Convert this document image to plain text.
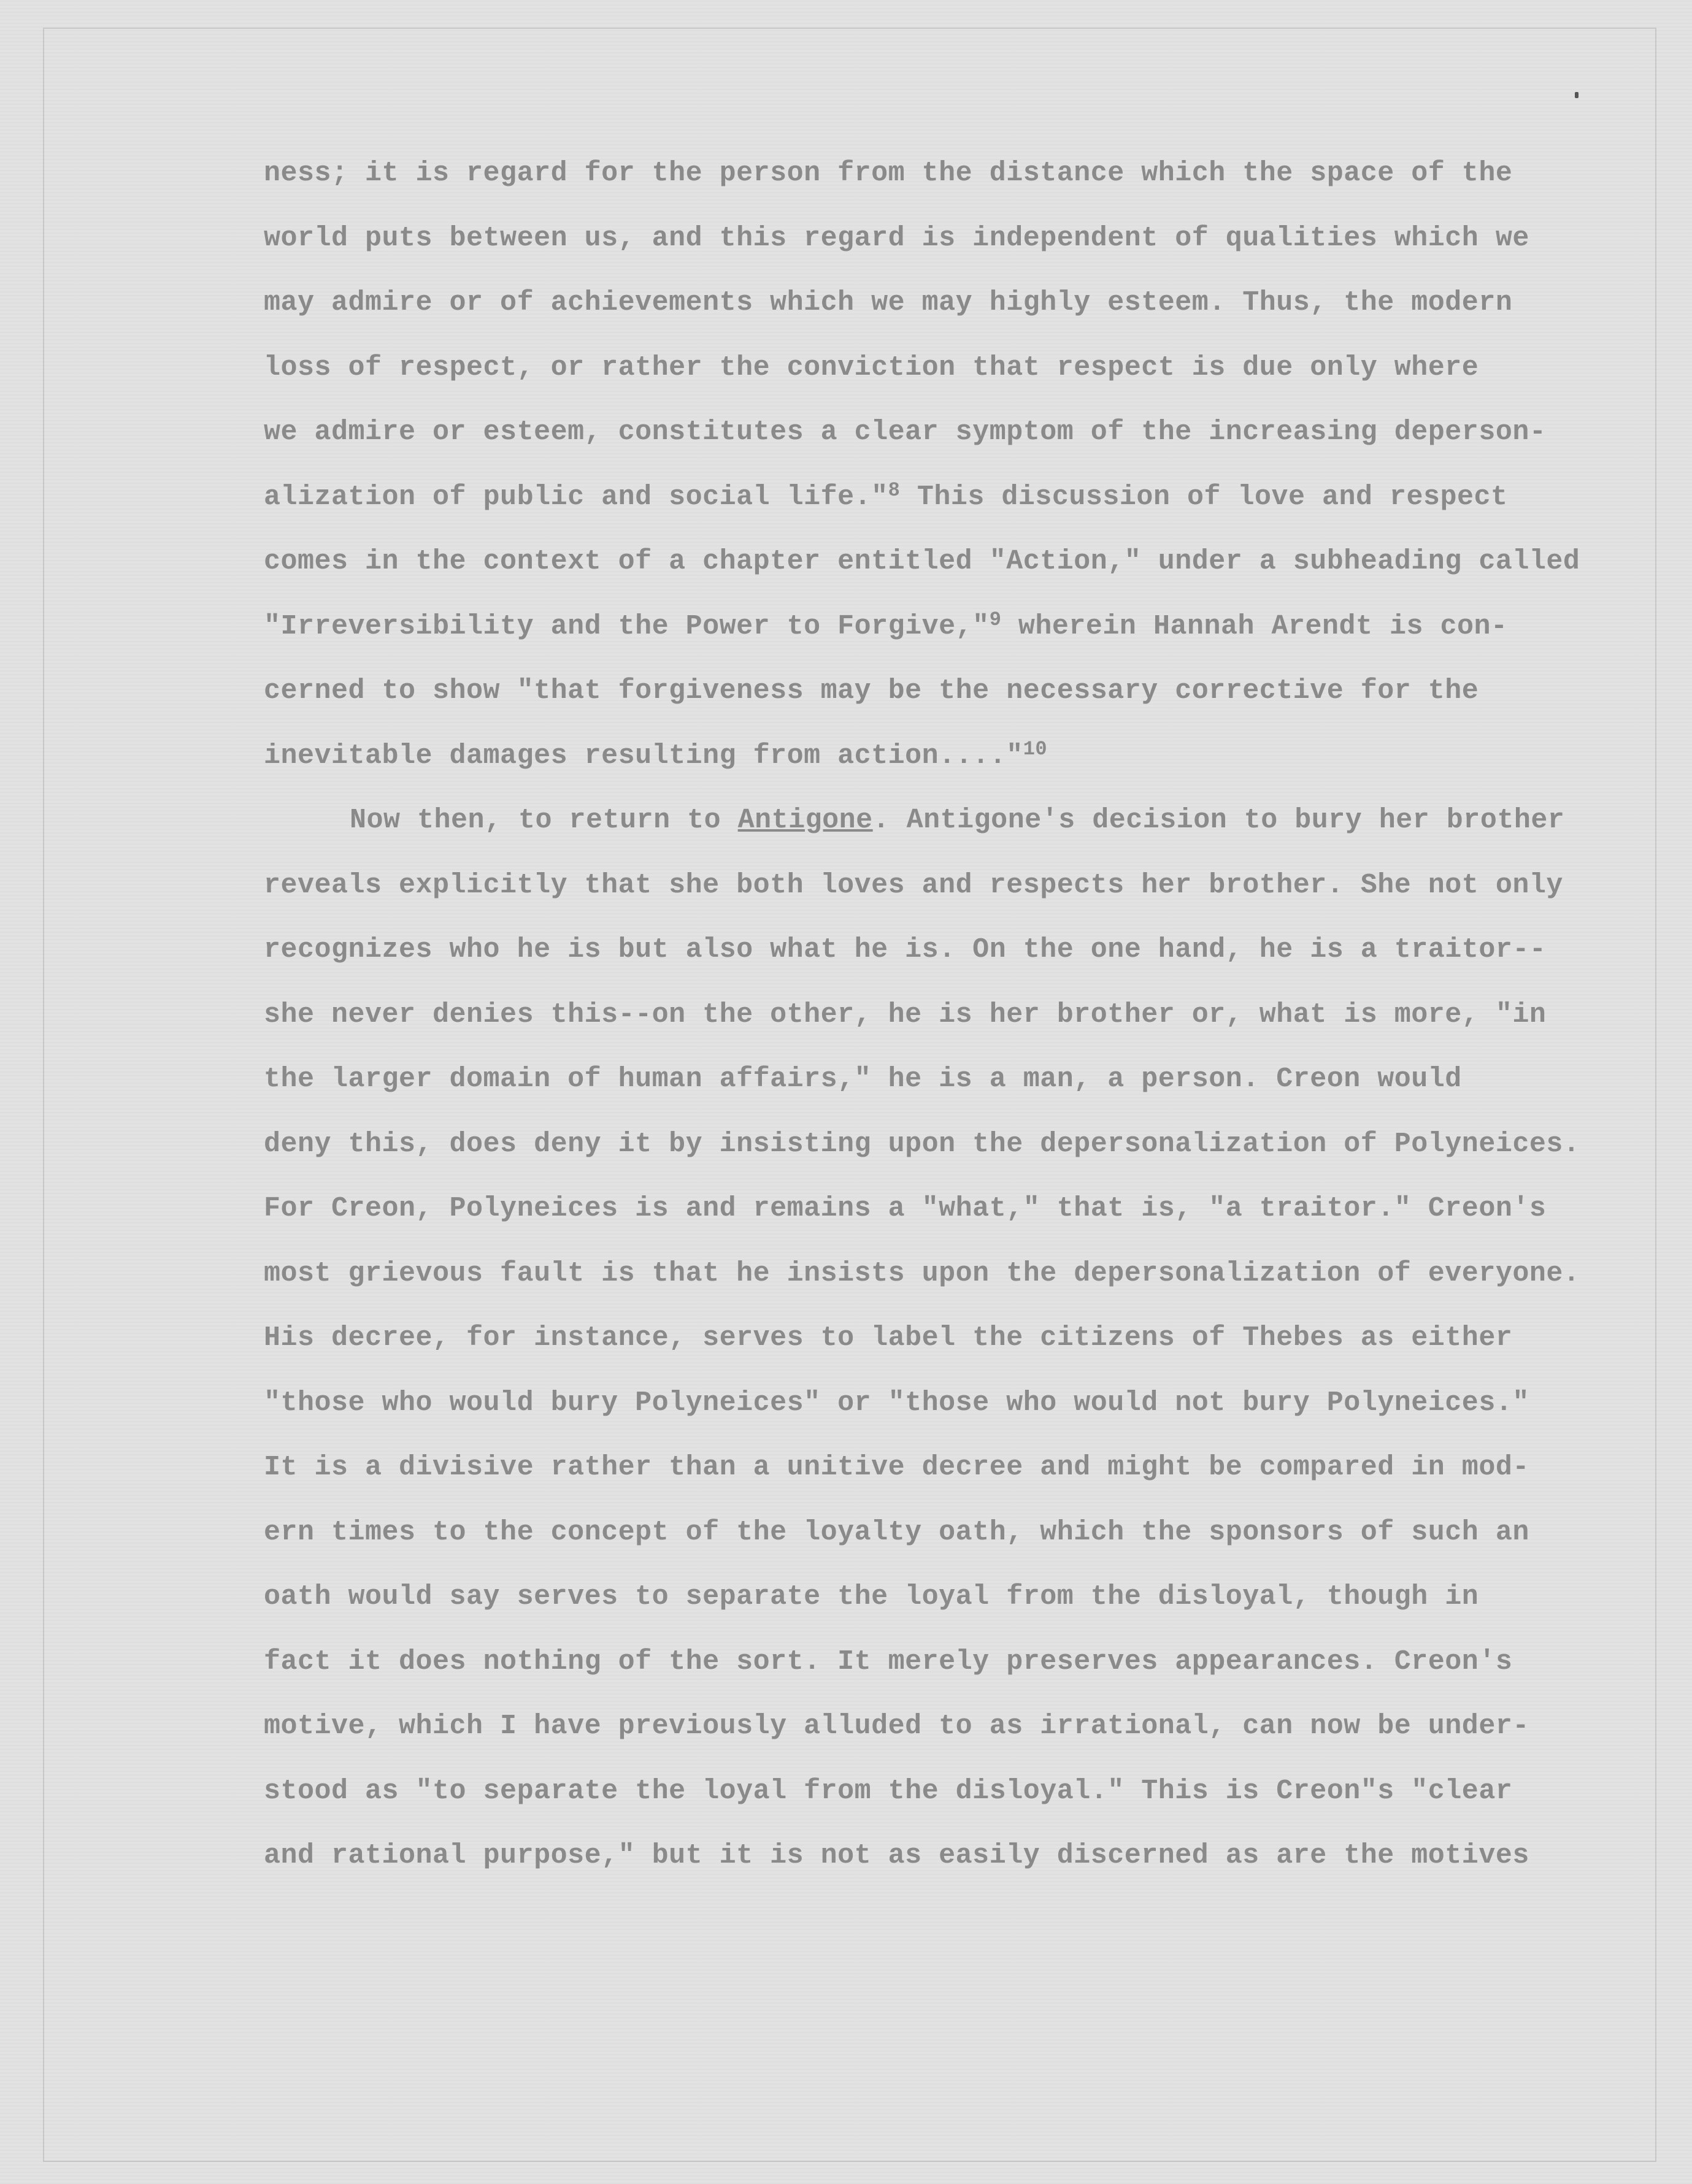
ness; it is regard for the person from the distance which the space of the
world puts between us, and this regard is independent of qualities which we
may admire or of achievements which we may highly esteem. Thus, the modern
loss of respect, or rather the conviction that respect is due only where
we admire or esteem, constitutes a clear symptom of the increasing deperson-
alization of public and social life."$^8$ This discussion of love and respect
comes in the context of a chapter entitled "Action," under a subheading called
"Irreversibility and the Power to Forgive,"$^9$ wherein Hannah Arendt is con-
cerned to show "that forgiveness may be the necessary corrective for the
inevitable damages resulting from action...."$^{10}$
Now then, to return to Antigone. Antigone's decision to bury her brother
reveals explicitly that she both loves and respects her brother. She not only
recognizes who he is but also what he is. On the one hand, he is a traitor--
she never denies this--on the other, he is her brother or, what is more, "in
the larger domain of human affairs," he is a man, a person. Creon would
deny this, does deny it by insisting upon the depersonalization of Polyneices.
For Creon, Polyneices is and remains a "what," that is, "a traitor." Creon's
most grievous fault is that he insists upon the depersonalization of everyone.
His decree, for instance, serves to label the citizens of Thebes as either
"those who would bury Polyneices" or "those who would not bury Polyneices."
It is a divisive rather than a unitive decree and might be compared in mod-
ern times to the concept of the loyalty oath, which the sponsors of such an
oath would say serves to separate the loyal from the disloyal, though in
fact it does nothing of the sort. It merely preserves appearances. Creon's
motive, which I have previously alluded to as irrational, can now be under-
stood as "to separate the loyal from the disloyal." This is Creon"s "clear
and rational purpose," but it is not as easily discerned as are the motives
